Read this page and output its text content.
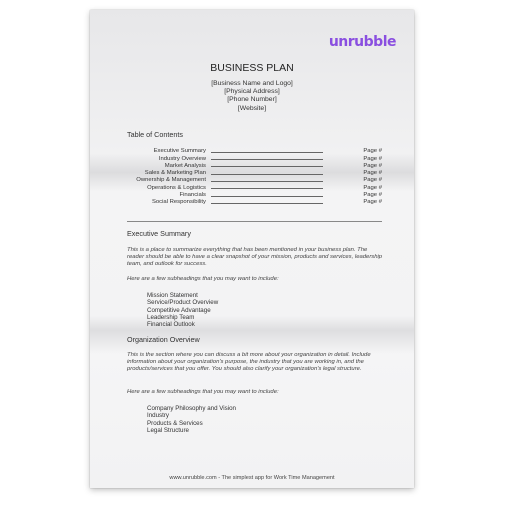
unrubble
BUSINESS PLAN
[Business Name and Logo]
[Physical Address]
[Phone Number]
[Website]
Table of Contents
Executive Summary	Page #
Industry Overview	Page #
Market Analysis	Page #
Sales & Marketing Plan	Page #
Ownership & Management	Page #
Operations & Logistics	Page #
Financials	Page #
Social Responsibility	Page #
Executive Summary
This is a place to summarize everything that has been mentioned in your business plan. The reader should be able to have a clear snapshot of your mission, products and services, leadership team, and outlook for success.
Here are a few subheadings that you may want to include:
Mission Statement
Service/Product Overview
Competitive Advantage
Leadership Team
Financial Outlook
Organization Overview
This is the section where you can discuss a bit more about your organization in detail. Include information about your organization's purpose, the industry that you are working in, and the products/services that you offer. You should also clarify your organization's legal structure.
Here are a few subheadings that you may want to include:
Company Philosophy and Vision
Industry
Products & Services
Legal Structure
www.unrubble.com - The simplest app for Work Time Management
